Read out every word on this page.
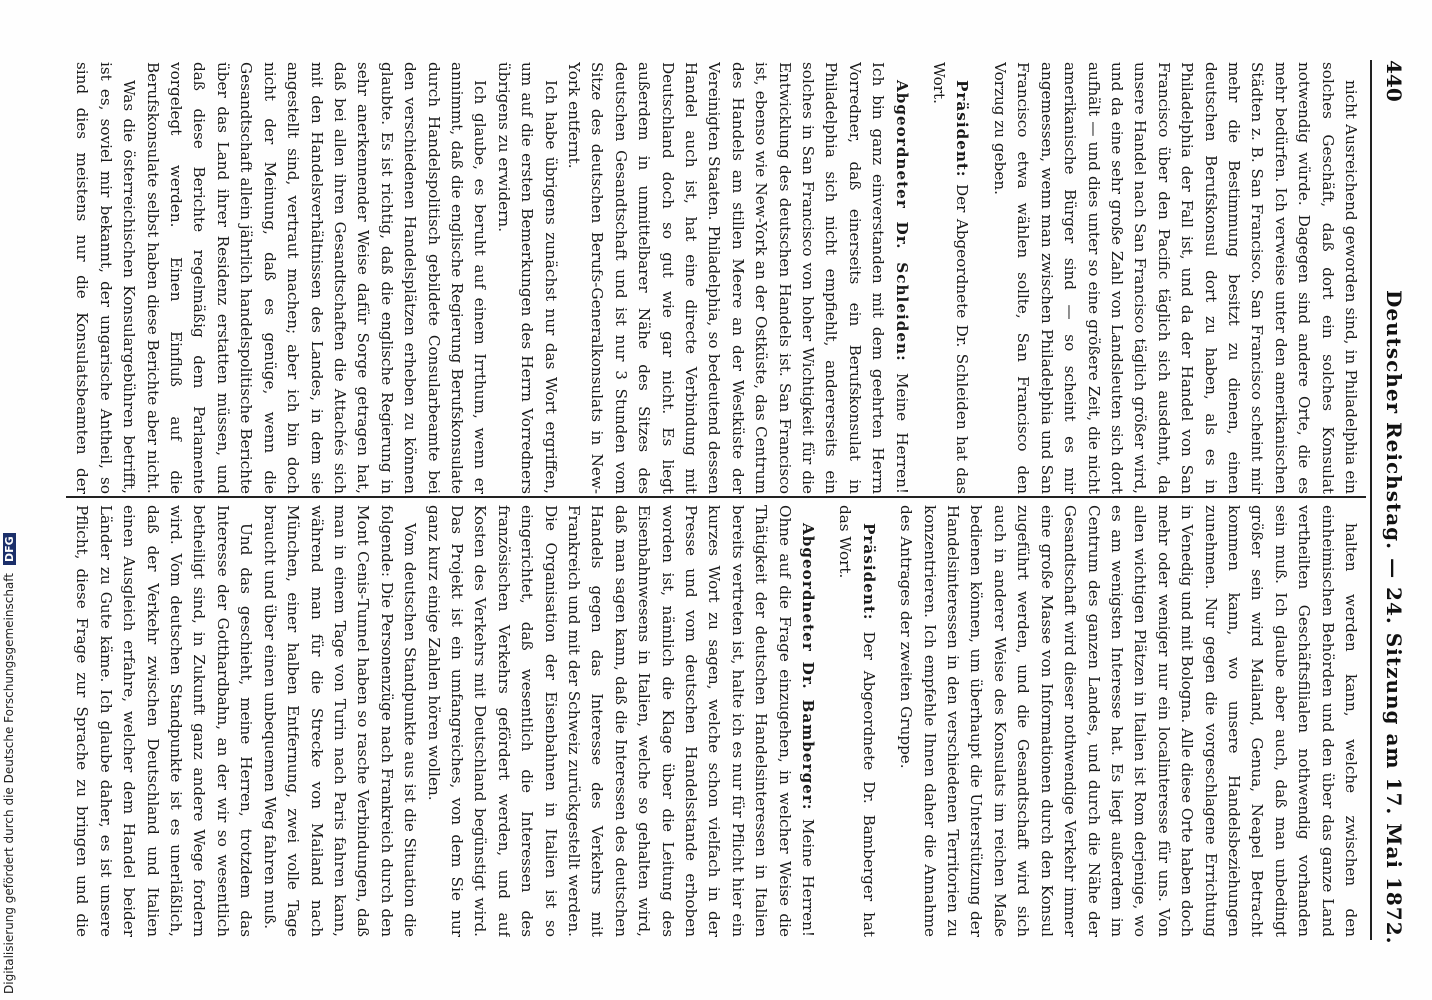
440
Deutscher Reichstag. — 24. Sitzung am 17. Mai 1872.

nicht Ausreichend geworden sind, in Philadelphia ein solches Geschäft, daß dort ein solches Konsulat notwendig würde. Dagegen sind andere Orte, die es mehr bedürfen. Ich verweise unter den amerikanischen Städten z. B. San Francisco. San Francisco scheint mir mehr die Bestimmung besitzt zu dienen, einen deutschen Berufskonsul dort zu haben, als es in Philadelphia der Fall ist, und da der Handel von San Francisco über den Pacific täglich sich ausdehnt, da unsere Handel nach San Francisco täglich größer wird, und da eine sehr große Zahl von Landsleuten sich dort aufhält — und dies unter so eine größere Zeit, die nicht amerikanische Bürger sind — so scheint es mir angemessen, wenn man zwischen Philadelphia und San Francisco etwa wählen sollte, San Francisco den Vorzug zu geben.

Präsident: Der Abgeordnete Dr. Schleiden hat das Wort.

Abgeordneter Dr. Schleiden: Meine Herren! Ich bin ganz einverstanden mit dem geehrten Herrn Vorredner, daß einerseits ein Berufskonsulat in Philadelphia sich nicht empfiehlt, andererseits ein solches in San Francisco von hoher Wichtigkeit für die Entwicklung des deutschen Handels ist. San Francisco ist, ebenso wie New-York an der Ostküste, das Centrum des Handels am stillen Meere an der Westküste der Vereinigten Staaten. Philadelphia, so bedeutend dessen Handel auch ist, hat eine directe Verbindung mit Deutschland doch so gut wie gar nicht. Es liegt außerdem in unmittelbarer Nähe des Sitzes des deutschen Gesandtschaft und ist nur 3 Stunden vom Sitze des deutschen Berufs-Generalkonsulats in New-York entfernt.

Ich habe übrigens zunächst nur das Wort ergriffen, um auf die ersten Bemerkungen des Herrn Vorredners übrigens zu erwidern.

Ich glaube, es beruht auf einem Irrthum, wenn er annimmt, daß die englische Regierung Berufskonsulate durch Handelspolitisch gebildete Consularbeamte bei den verschiedenen Handelsplätzen erheben zu können glaubte. Es ist richtig, daß die englische Regierung in sehr anerkennender Weise dafür Sorge getragen hat, daß bei allen ihren Gesandtschaften die Attachés sich mit den Handelsverhältnissen des Landes, in dem sie angestellt sind, vertraut machen; aber ich bin doch nicht der Meinung, daß es genüge, wenn die Gesandtschaft allein jährlich handelspolitische Berichte über das Land ihrer Residenz erstatten müssen, und daß diese Berichte regelmäßig dem Parlamente vorgelegt werden. Einen Einfluß auf die Berufskonsulate selbst haben diese Berichte aber nicht.

Was die österreichischen Konsulargebühren betrifft, ist es, soviel mir bekannt, der ungarische Antheil, so sind dies meistens nur die Konsulatsbeamten der

halten werden kann, welche zwischen den einheimischen Behörden und den über das ganze Land vertheilten Geschäftsfilialen nothwendig vorhanden sein muß. Ich glaube aber auch, daß man unbedingt größer sein wird Mailand, Genua, Neapel Betracht kommen kann, wo unsere Handelsbeziehungen zunehmen. Nur gegen die vorgeschlagene Errichtung in Venedig und mit Bologna. Alle diese Orte haben doch mehr oder weniger nur ein localinteresse für uns. Von allen wichtigen Plätzen in Italien ist Rom derjenige, wo es am wenigsten Interesse hat. Es liegt außerdem im Centrum des ganzen Landes, und durch die Nähe der Gesandtschaft wird dieser nothwendige Verkehr immer eine große Masse von Informationen durch den Konsul zugeführt werden, und die Gesandtschaft wird sich auch in anderer Weise des Konsulats im reichen Maße bedienen können, um überhaupt die Unterstützung der Handelsinteressen in den verschiedenen Territorien zu konzentrieren. Ich empfehle Ihnen daher die Annahme des Antrages der zweiten Gruppe.

Präsident: Der Abgeordnete Dr. Bamberger hat das Wort.

Abgeordneter Dr. Bamberger: Meine Herren! Ohne auf die Frage einzugehen, in welcher Weise die Thätigkeit der deutschen Handelsinteressen in Italien bereits vertreten ist, halte ich es nur für Pflicht hier ein kurzes Wort zu sagen, welche schon vielfach in der Presse und vom deutschen Handelsstande erhoben worden ist, nämlich die Klage über die Leitung des Eisenbahnwesens in Italien, welche so gehalten wird, daß man sagen kann, daß die Interessen des deutschen Handels gegen das Interesse des Verkehrs mit Frankreich und mit der Schweiz zurückgestellt werden. Die Organisation der Eisenbahnen in Italien ist so eingerichtet, daß wesentlich die Interessen des französischen Verkehrs gefördert werden, und auf Kosten des Verkehrs mit Deutschland begünstigt wird. Das Projekt ist ein umfangreiches, von dem Sie nur ganz kurz einige Zahlen hören wollen.

Vom deutschen Standpunkte aus ist die Situation die folgende: Die Personenzüge nach Frankreich durch den Mont Cenis-Tunnel haben so rasche Verbindungen, daß man in einem Tage von Turin nach Paris fahren kann, während man für die Strecke von Mailand nach München, einer halben Entfernung, zwei volle Tage braucht und über einen unbequemen Weg fahren muß.

Und das geschieht, meine Herren, trotzdem das Interesse der Gotthardbahn, an der wir so wesentlich betheiligt sind, in Zukunft ganz andere Wege fordern wird. Vom deutschen Standpunkte ist es unerläßlich, daß der Verkehr zwischen Deutschland und Italien einen Ausgleich erfahre, welcher dem Handel beider Länder zu Gute käme. Ich glaube daher, es ist unsere Pflicht, diese Frage zur Sprache zu bringen und die

Digitalisierung gefördert durch die Deutsche ForschungsgemeinschaftDFG
